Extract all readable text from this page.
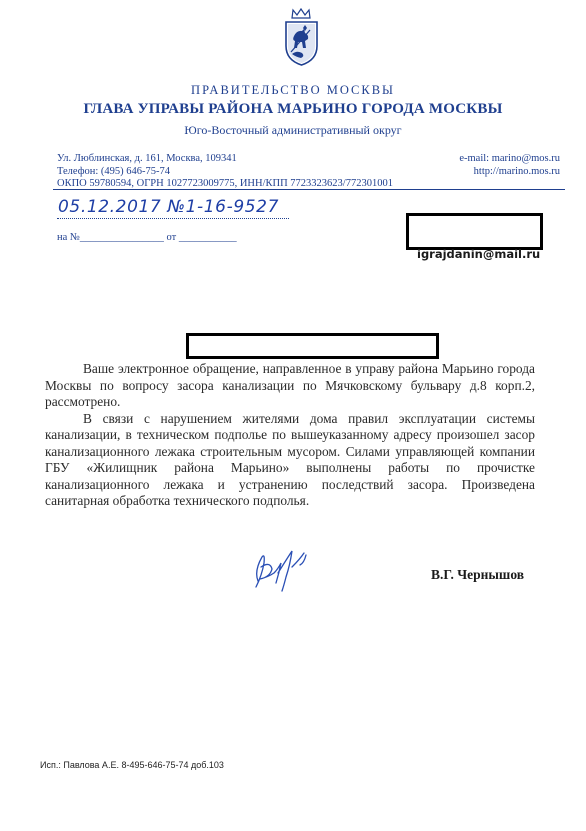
ПРАВИТЕЛЬСТВО МОСКВЫ
ГЛАВА УПРАВЫ РАЙОНА МАРЬИНО ГОРОДА МОСКВЫ
Юго-Восточный административный округ
Ул. Люблинская, д. 161, Москва, 109341
Телефон: (495) 646-75-74
ОКПО 59780594, ОГРН 1027723009775, ИНН/КПП 7723323623/772301001
e-mail: marino@mos.ru
http://marino.mos.ru
05.12.2017 №1-16-9527
на №________________ от ___________
igrajdanin@mail.ru

Ваше электронное обращение, направленное в управу района Марьино города Москвы по вопросу засора канализации по Мячковскому бульвару д.8 корп.2, рассмотрено.

В связи с нарушением жителями дома правил эксплуатации системы канализации, в техническом подполье по вышеуказанному адресу произошел засор канализационного лежака строительным мусором. Силами управляющей компании ГБУ «Жилищник района Марьино» выполнены работы по прочистке канализационного лежака и устранению последствий засора. Произведена санитарная обработка технического подполья.

В.Г. Чернышов
Исп.: Павлова А.Е. 8-495-646-75-74 доб.103
